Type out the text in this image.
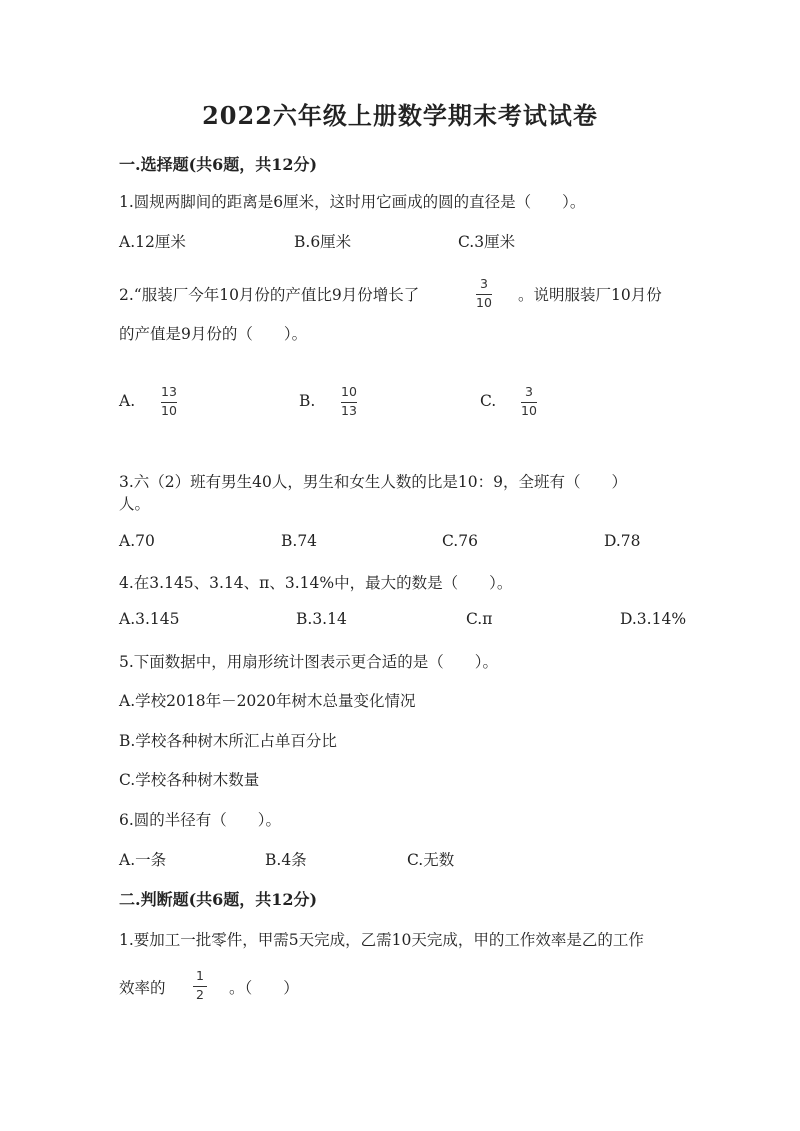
2022六年级上册数学期末考试试卷
一.选择题(共6题，共12分)
1.圆规两脚间的距离是6厘米，这时用它画成的圆的直径是（　　）。
A.12厘米	B.6厘米	C.3厘米
2.“服装厂今年10月份的产值比9月份增长了
3
10 。说明服装厂10月份
的产值是9月份的（　　）。
A.
13
10	B.
10
13	C.
3
10
3.六（2）班有男生40人，男生和女生人数的比是10：9，全班有（　　）
人。
A.70	B.74	C.76	D.78
4.在3.145、3.14、π、3.14%中，最大的数是（　　）。
A.3.145	B.3.14	C.π	D.3.14%
5.下面数据中，用扇形统计图表示更合适的是（　　）。
A.学校2018年－2020年树木总量变化情况
B.学校各种树木所汇占单百分比
C.学校各种树木数量
6.圆的半径有（　　）。
A.一条	B.4条	C.无数
二.判断题(共6题，共12分)
1.要加工一批零件，甲需5天完成，乙需10天完成，甲的工作效率是乙的工作
效率的
1
2 。（　　）
